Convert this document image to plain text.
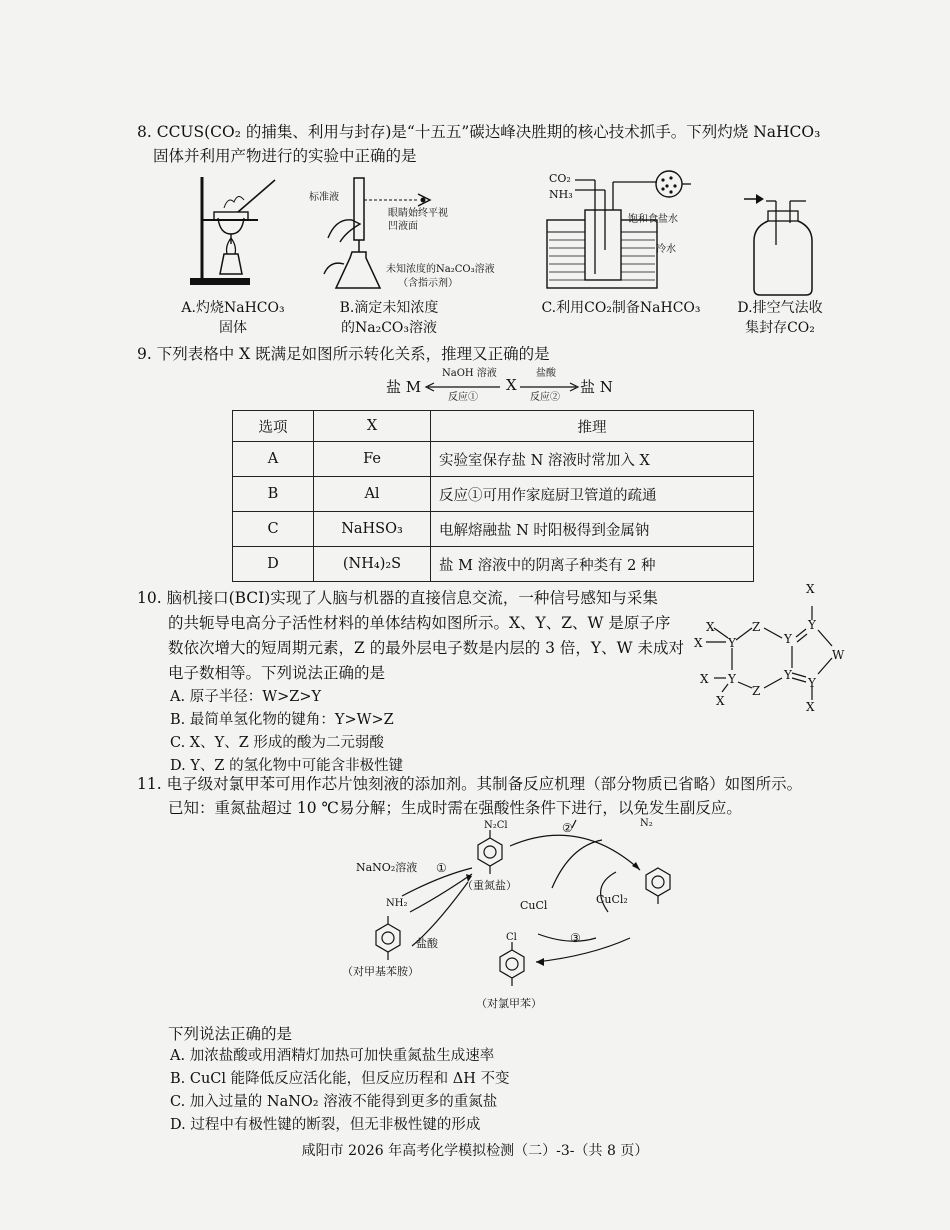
8. CCUS(CO₂ 的捕集、利用与封存)是“十五五”碳达峰决胜期的核心技术抓手。下列灼烧 NaHCO₃
固体并利用产物进行的实验中正确的是
A.灼烧NaHCO₃
固体
标准液
眼睛始终平视
凹液面
未知浓度的Na₂CO₃溶液
（含指示剂）
B.滴定未知浓度
的Na₂CO₃溶液
CO₂
NH₃
饱和食盐水
冷水
C.利用CO₂制备NaHCO₃	D.排空气法收
集封存CO₂
9. 下列表格中 X 既满足如图所示转化关系，推理又正确的是
盐 M
NaOH 溶液
反应①
X
盐酸
反应②
盐 N
选项	X	推理
A	Fe	实验室保存盐 N 溶液时常加入 X
B	Al	反应①可用作家庭厨卫管道的疏通
C	NaHSO₃	电解熔融盐 N 时阳极得到金属钠
D	(NH₄)₂S	盐 M 溶液中的阴离子种类有 2 种
10. 脑机接口(BCI)实现了人脑与机器的直接信息交流，一种信号感知与采集
的共轭导电高分子活性材料的单体结构如图所示。X、Y、Z、W 是原子序
数依次增大的短周期元素，Z 的最外层电子数是内层的 3 倍，Y、W 未成对
电子数相等。下列说法正确的是
A. 原子半径：W>Z>Y
B. 最简单氢化物的键角：Y>W>Z
C. X、Y、Z 形成的酸为二元弱酸
D. Y、Z 的氢化物中可能含非极性键
X
X
X Y
Z
Y
Y
W
Y
Y
Y
X
Z
X	X
11. 电子级对氯甲苯可用作芯片蚀刻液的添加剂。其制备反应机理（部分物质已省略）如图所示。
已知：重氮盐超过 10 ℃易分解；生成时需在强酸性条件下进行，以免发生副反应。
NaNO₂溶液 ①
②
③
N₂Cl
（重氮盐）
N₂
NH₂
（对甲基苯胺）
盐酸
CuCl	CuCl₂
Cl
（对氯甲苯）
下列说法正确的是
A. 加浓盐酸或用酒精灯加热可加快重氮盐生成速率
B. CuCl 能降低反应活化能，但反应历程和 ΔH 不变
C. 加入过量的 NaNO₂ 溶液不能得到更多的重氮盐
D. 过程中有极性键的断裂，但无非极性键的形成
咸阳市 2026 年高考化学模拟检测（二）-3-（共 8 页）
